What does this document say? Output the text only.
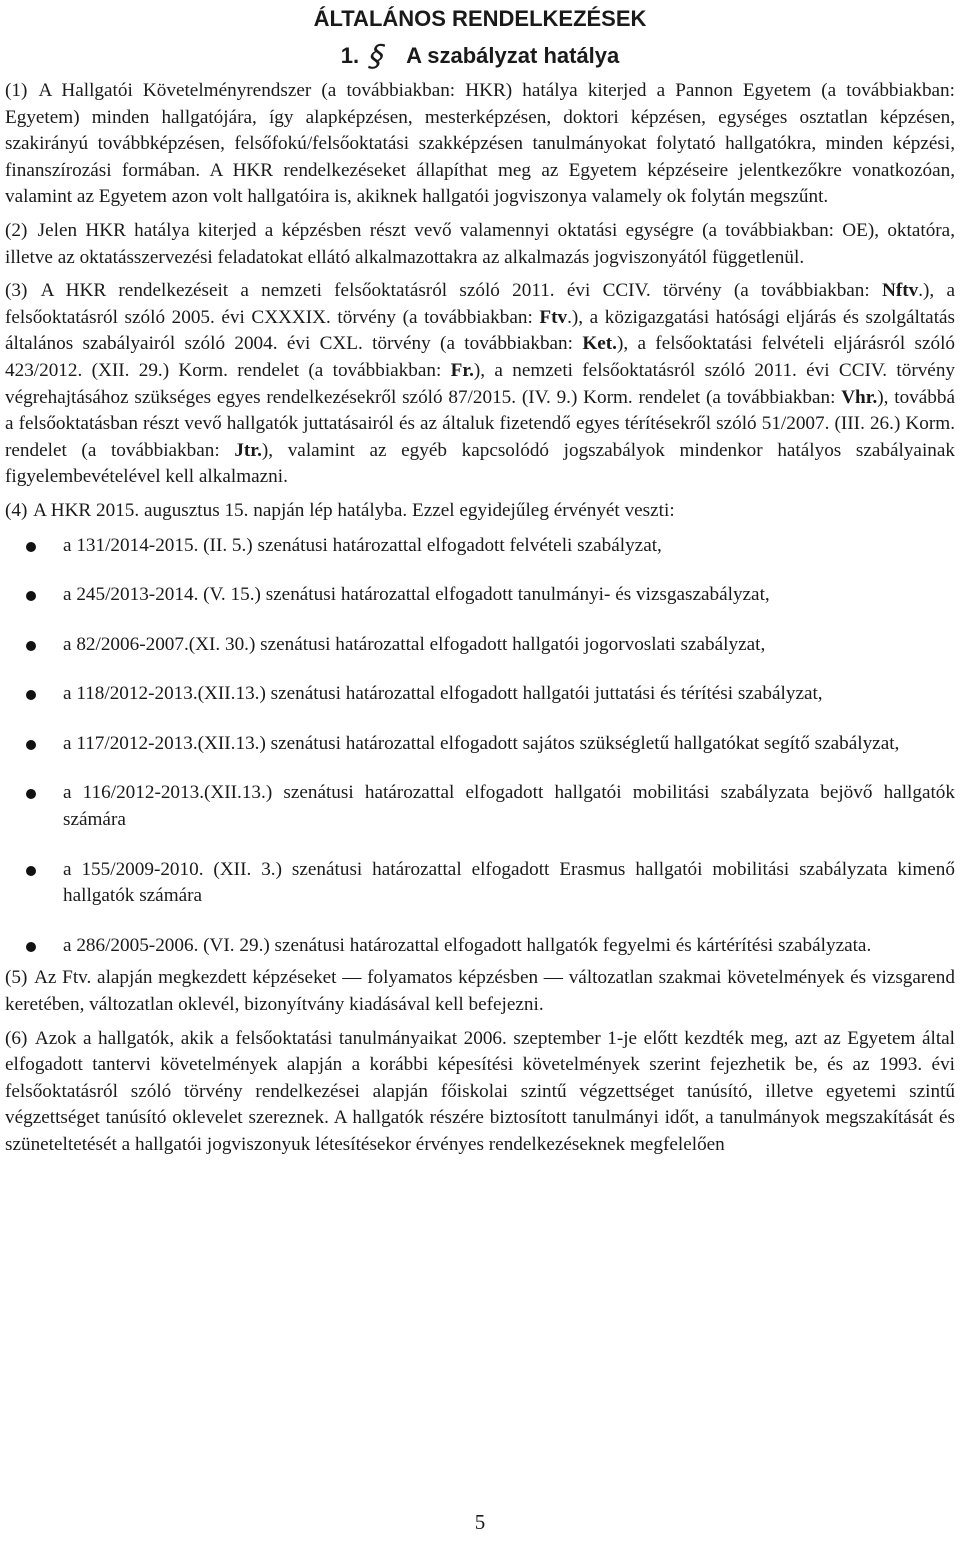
ÁLTALÁNOS RENDELKEZÉSEK
1. § A szabályzat hatálya

(1) A Hallgatói Követelményrendszer (a továbbiakban: HKR) hatálya kiterjed a Pannon Egyetem (a továbbiakban: Egyetem) minden hallgatójára, így alapképzésen, mesterképzésen, doktori képzésen, egységes osztatlan képzésen, szakirányú továbbképzésen, felsőfokú/felsőoktatási szakképzésen tanulmányokat folytató hallgatókra, minden képzési, finanszírozási formában. A HKR rendelkezéseket állapíthat meg az Egyetem képzéseire jelentkezőkre vonatkozóan, valamint az Egyetem azon volt hallgatóira is, akiknek hallgatói jogviszonya valamely ok folytán megszűnt.

(2) Jelen HKR hatálya kiterjed a képzésben részt vevő valamennyi oktatási egységre (a továbbiakban: OE), oktatóra, illetve az oktatásszervezési feladatokat ellátó alkalmazottakra az alkalmazás jogviszonyától függetlenül.

(3) A HKR rendelkezéseit a nemzeti felsőoktatásról szóló 2011. évi CCIV. törvény (a továbbiakban: Nftv.), a felsőoktatásról szóló 2005. évi CXXXIX. törvény (a továbbiakban: Ftv.), a közigazgatási hatósági eljárás és szolgáltatás általános szabályairól szóló 2004. évi CXL. törvény (a továbbiakban: Ket.), a felsőoktatási felvételi eljárásról szóló 423/2012. (XII. 29.) Korm. rendelet (a továbbiakban: Fr.), a nemzeti felsőoktatásról szóló 2011. évi CCIV. törvény végrehajtásához szükséges egyes rendelkezésekről szóló 87/2015. (IV. 9.) Korm. rendelet (a továbbiakban: Vhr.), továbbá a felsőoktatásban részt vevő hallgatók juttatásairól és az általuk fizetendő egyes térítésekről szóló 51/2007. (III. 26.) Korm. rendelet (a továbbiakban: Jtr.), valamint az egyéb kapcsolódó jogszabályok mindenkor hatályos szabályainak figyelembevételével kell alkalmazni.

(4) A HKR 2015. augusztus 15. napján lép hatályba. Ezzel egyidejűleg érvényét veszti:

a 131/2014-2015. (II. 5.) szenátusi határozattal elfogadott felvételi szabályzat,
a 245/2013-2014. (V. 15.) szenátusi határozattal elfogadott tanulmányi- és vizsgaszabályzat,
a 82/2006-2007.(XI. 30.) szenátusi határozattal elfogadott hallgatói jogorvoslati szabályzat,
a 118/2012-2013.(XII.13.) szenátusi határozattal elfogadott hallgatói juttatási és térítési szabályzat,
a 117/2012-2013.(XII.13.) szenátusi határozattal elfogadott sajátos szükségletű hallgatókat segítő szabályzat,
a 116/2012-2013.(XII.13.) szenátusi határozattal elfogadott hallgatói mobilitási szabályzata bejövő hallgatók számára
a 155/2009-2010. (XII. 3.) szenátusi határozattal elfogadott Erasmus hallgatói mobilitási szabályzata kimenő hallgatók számára
a 286/2005-2006. (VI. 29.) szenátusi határozattal elfogadott hallgatók fegyelmi és kártérítési szabályzata.

(5) Az Ftv. alapján megkezdett képzéseket — folyamatos képzésben — változatlan szakmai követelmények és vizsgarend keretében, változatlan oklevél, bizonyítvány kiadásával kell befejezni.

(6) Azok a hallgatók, akik a felsőoktatási tanulmányaikat 2006. szeptember 1-je előtt kezdték meg, azt az Egyetem által elfogadott tantervi követelmények alapján a korábbi képesítési követelmények szerint fejezhetik be, és az 1993. évi felsőoktatásról szóló törvény rendelkezései alapján főiskolai szintű végzettséget tanúsító, illetve egyetemi szintű végzettséget tanúsító oklevelet szereznek. A hallgatók részére biztosított tanulmányi időt, a tanulmányok megszakítását és szüneteltetését a hallgatói jogviszonyuk létesítésekor érvényes rendelkezéseknek megfelelően

5
